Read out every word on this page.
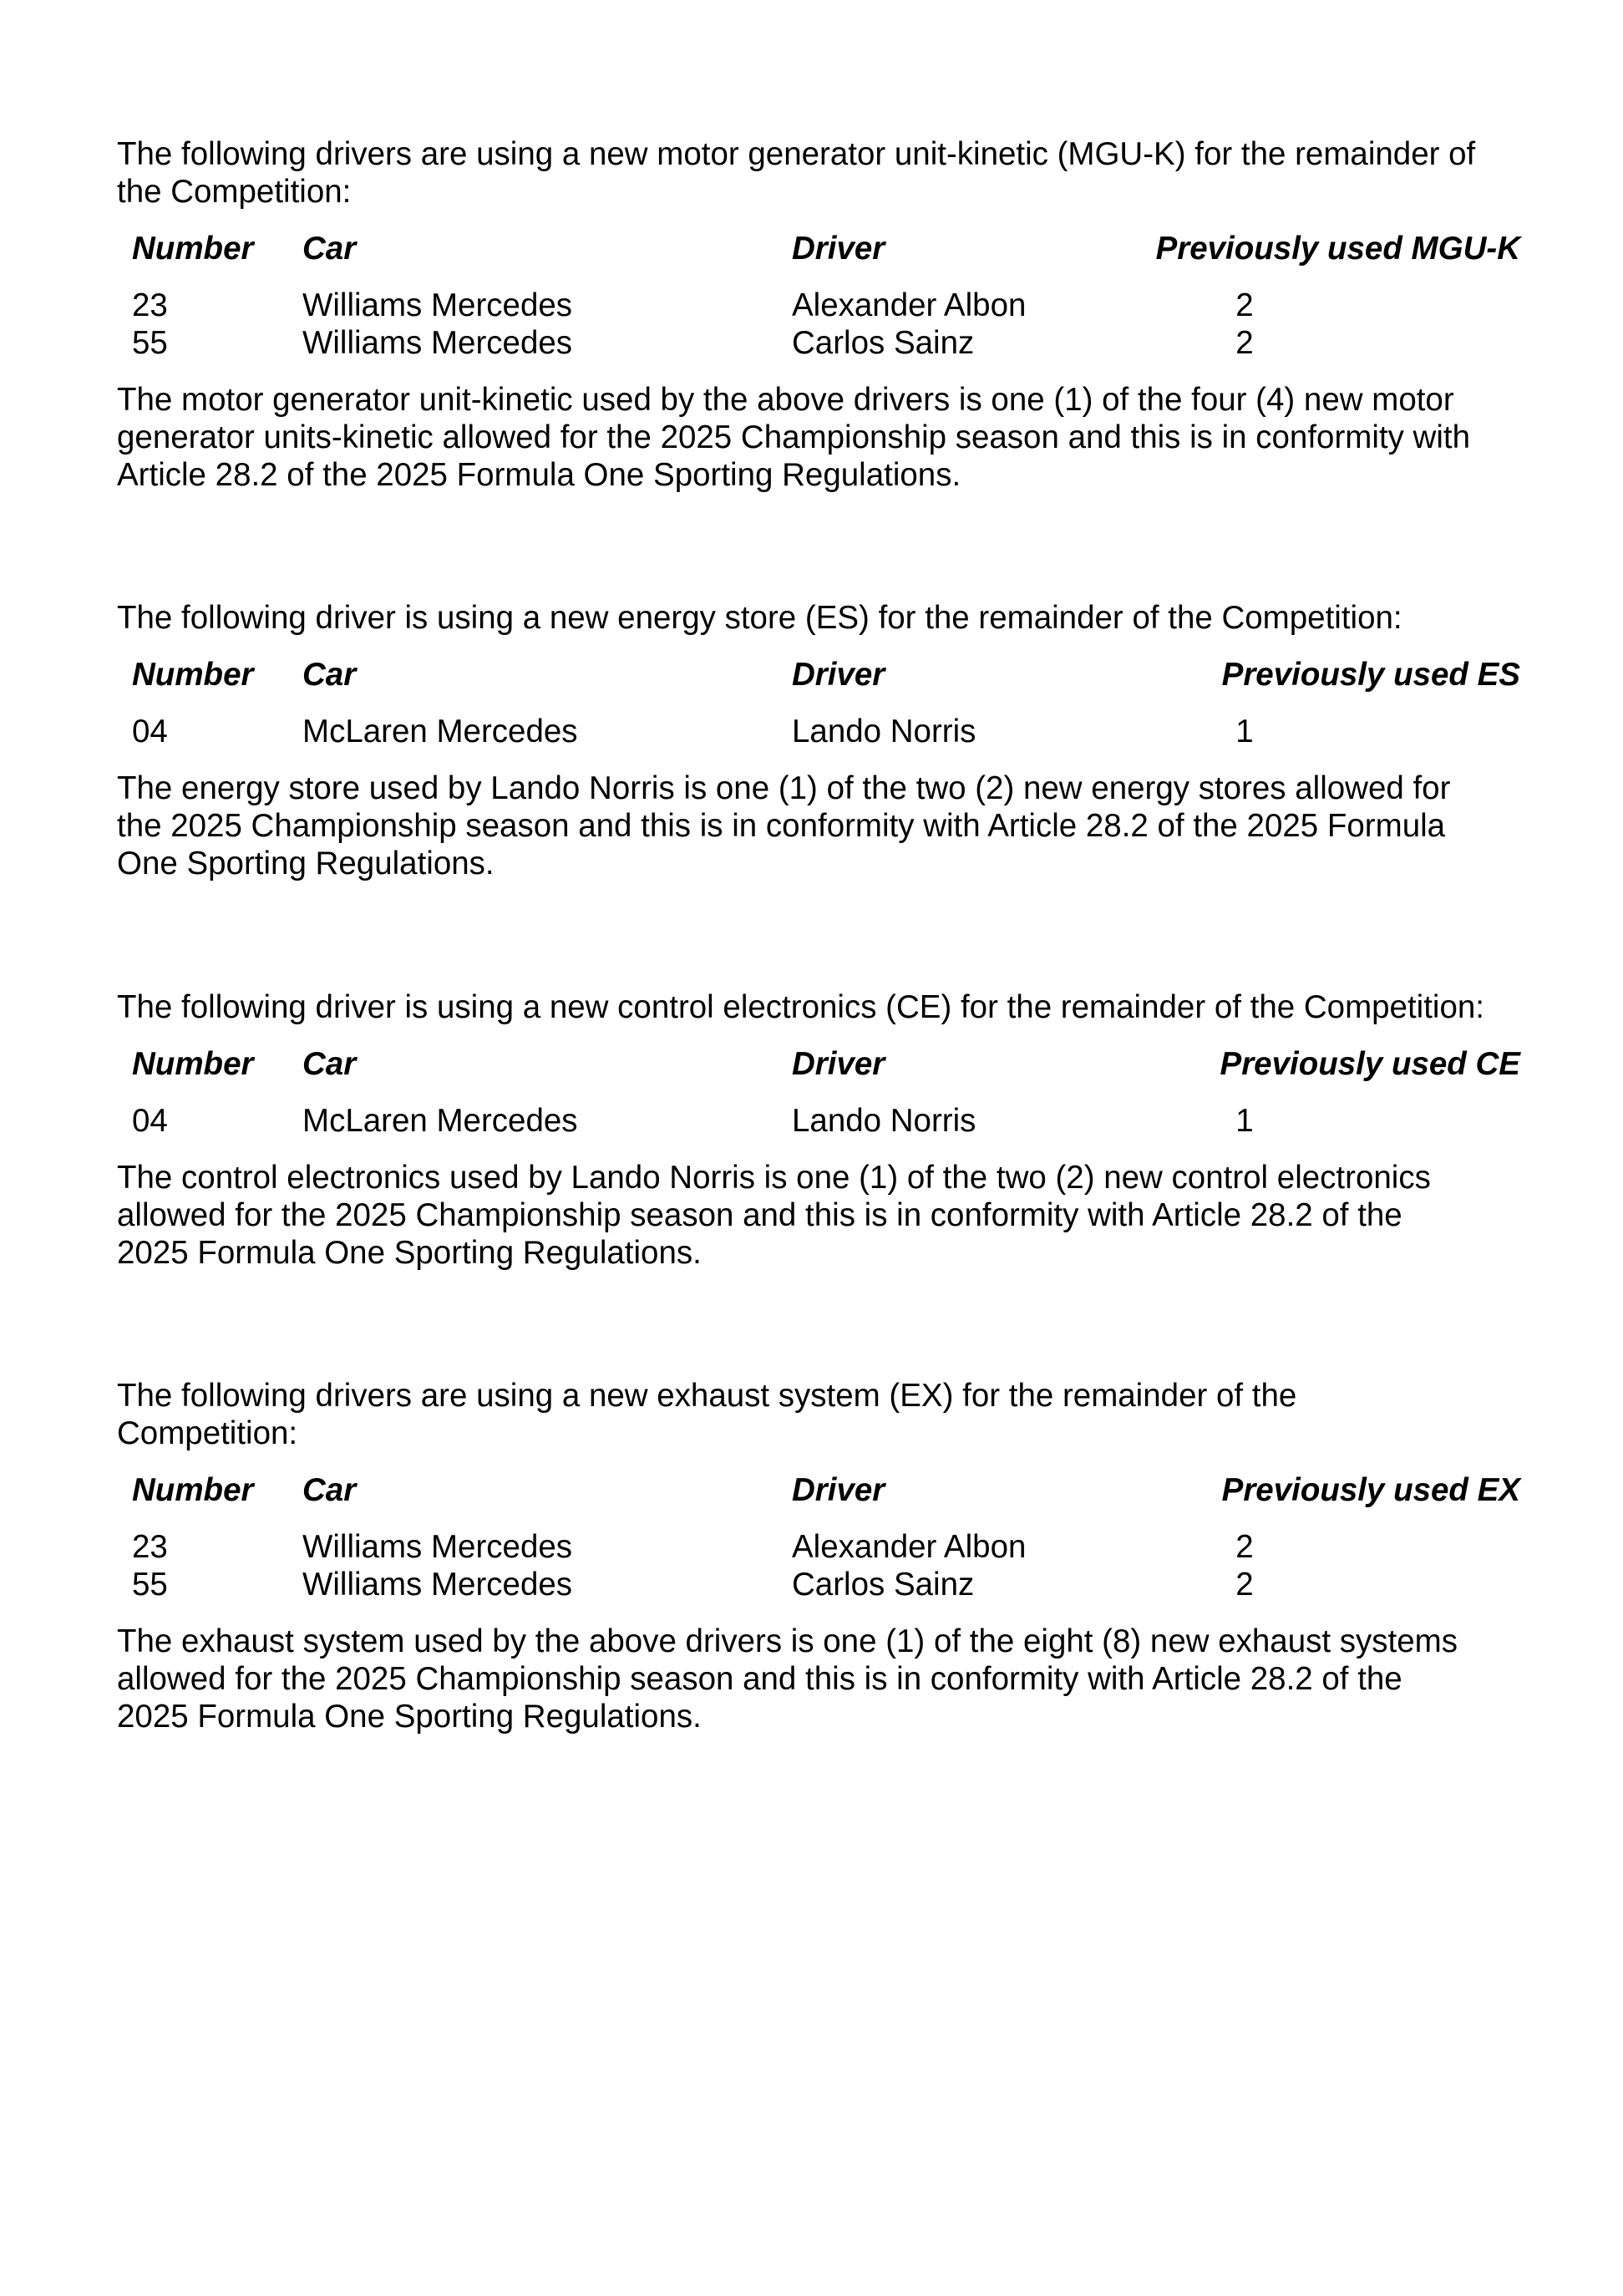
The following drivers are using a new motor generator unit-kinetic (MGU-K) for the remainder of
the Competition:

Number Car	Driver	Previously used MGU-K
23	Williams Mercedes	Alexander Albon	2
55	Williams Mercedes	Carlos Sainz	2

The motor generator unit-kinetic used by the above drivers is one (1) of the four (4) new motor
generator units-kinetic allowed for the 2025 Championship season and this is in conformity with
Article 28.2 of the 2025 Formula One Sporting Regulations.

The following driver is using a new energy store (ES) for the remainder of the Competition:

Number Car	Driver	Previously used ES
04	McLaren Mercedes	Lando Norris	1

The energy store used by Lando Norris is one (1) of the two (2) new energy stores allowed for
the 2025 Championship season and this is in conformity with Article 28.2 of the 2025 Formula
One Sporting Regulations.

The following driver is using a new control electronics (CE) for the remainder of the Competition:

Number Car	Driver	Previously used CE
04	McLaren Mercedes	Lando Norris	1

The control electronics used by Lando Norris is one (1) of the two (2) new control electronics
allowed for the 2025 Championship season and this is in conformity with Article 28.2 of the
2025 Formula One Sporting Regulations.

The following drivers are using a new exhaust system (EX) for the remainder of the
Competition:

Number Car	Driver	Previously used EX
23	Williams Mercedes	Alexander Albon	2
55	Williams Mercedes	Carlos Sainz	2

The exhaust system used by the above drivers is one (1) of the eight (8) new exhaust systems
allowed for the 2025 Championship season and this is in conformity with Article 28.2 of the
2025 Formula One Sporting Regulations.
